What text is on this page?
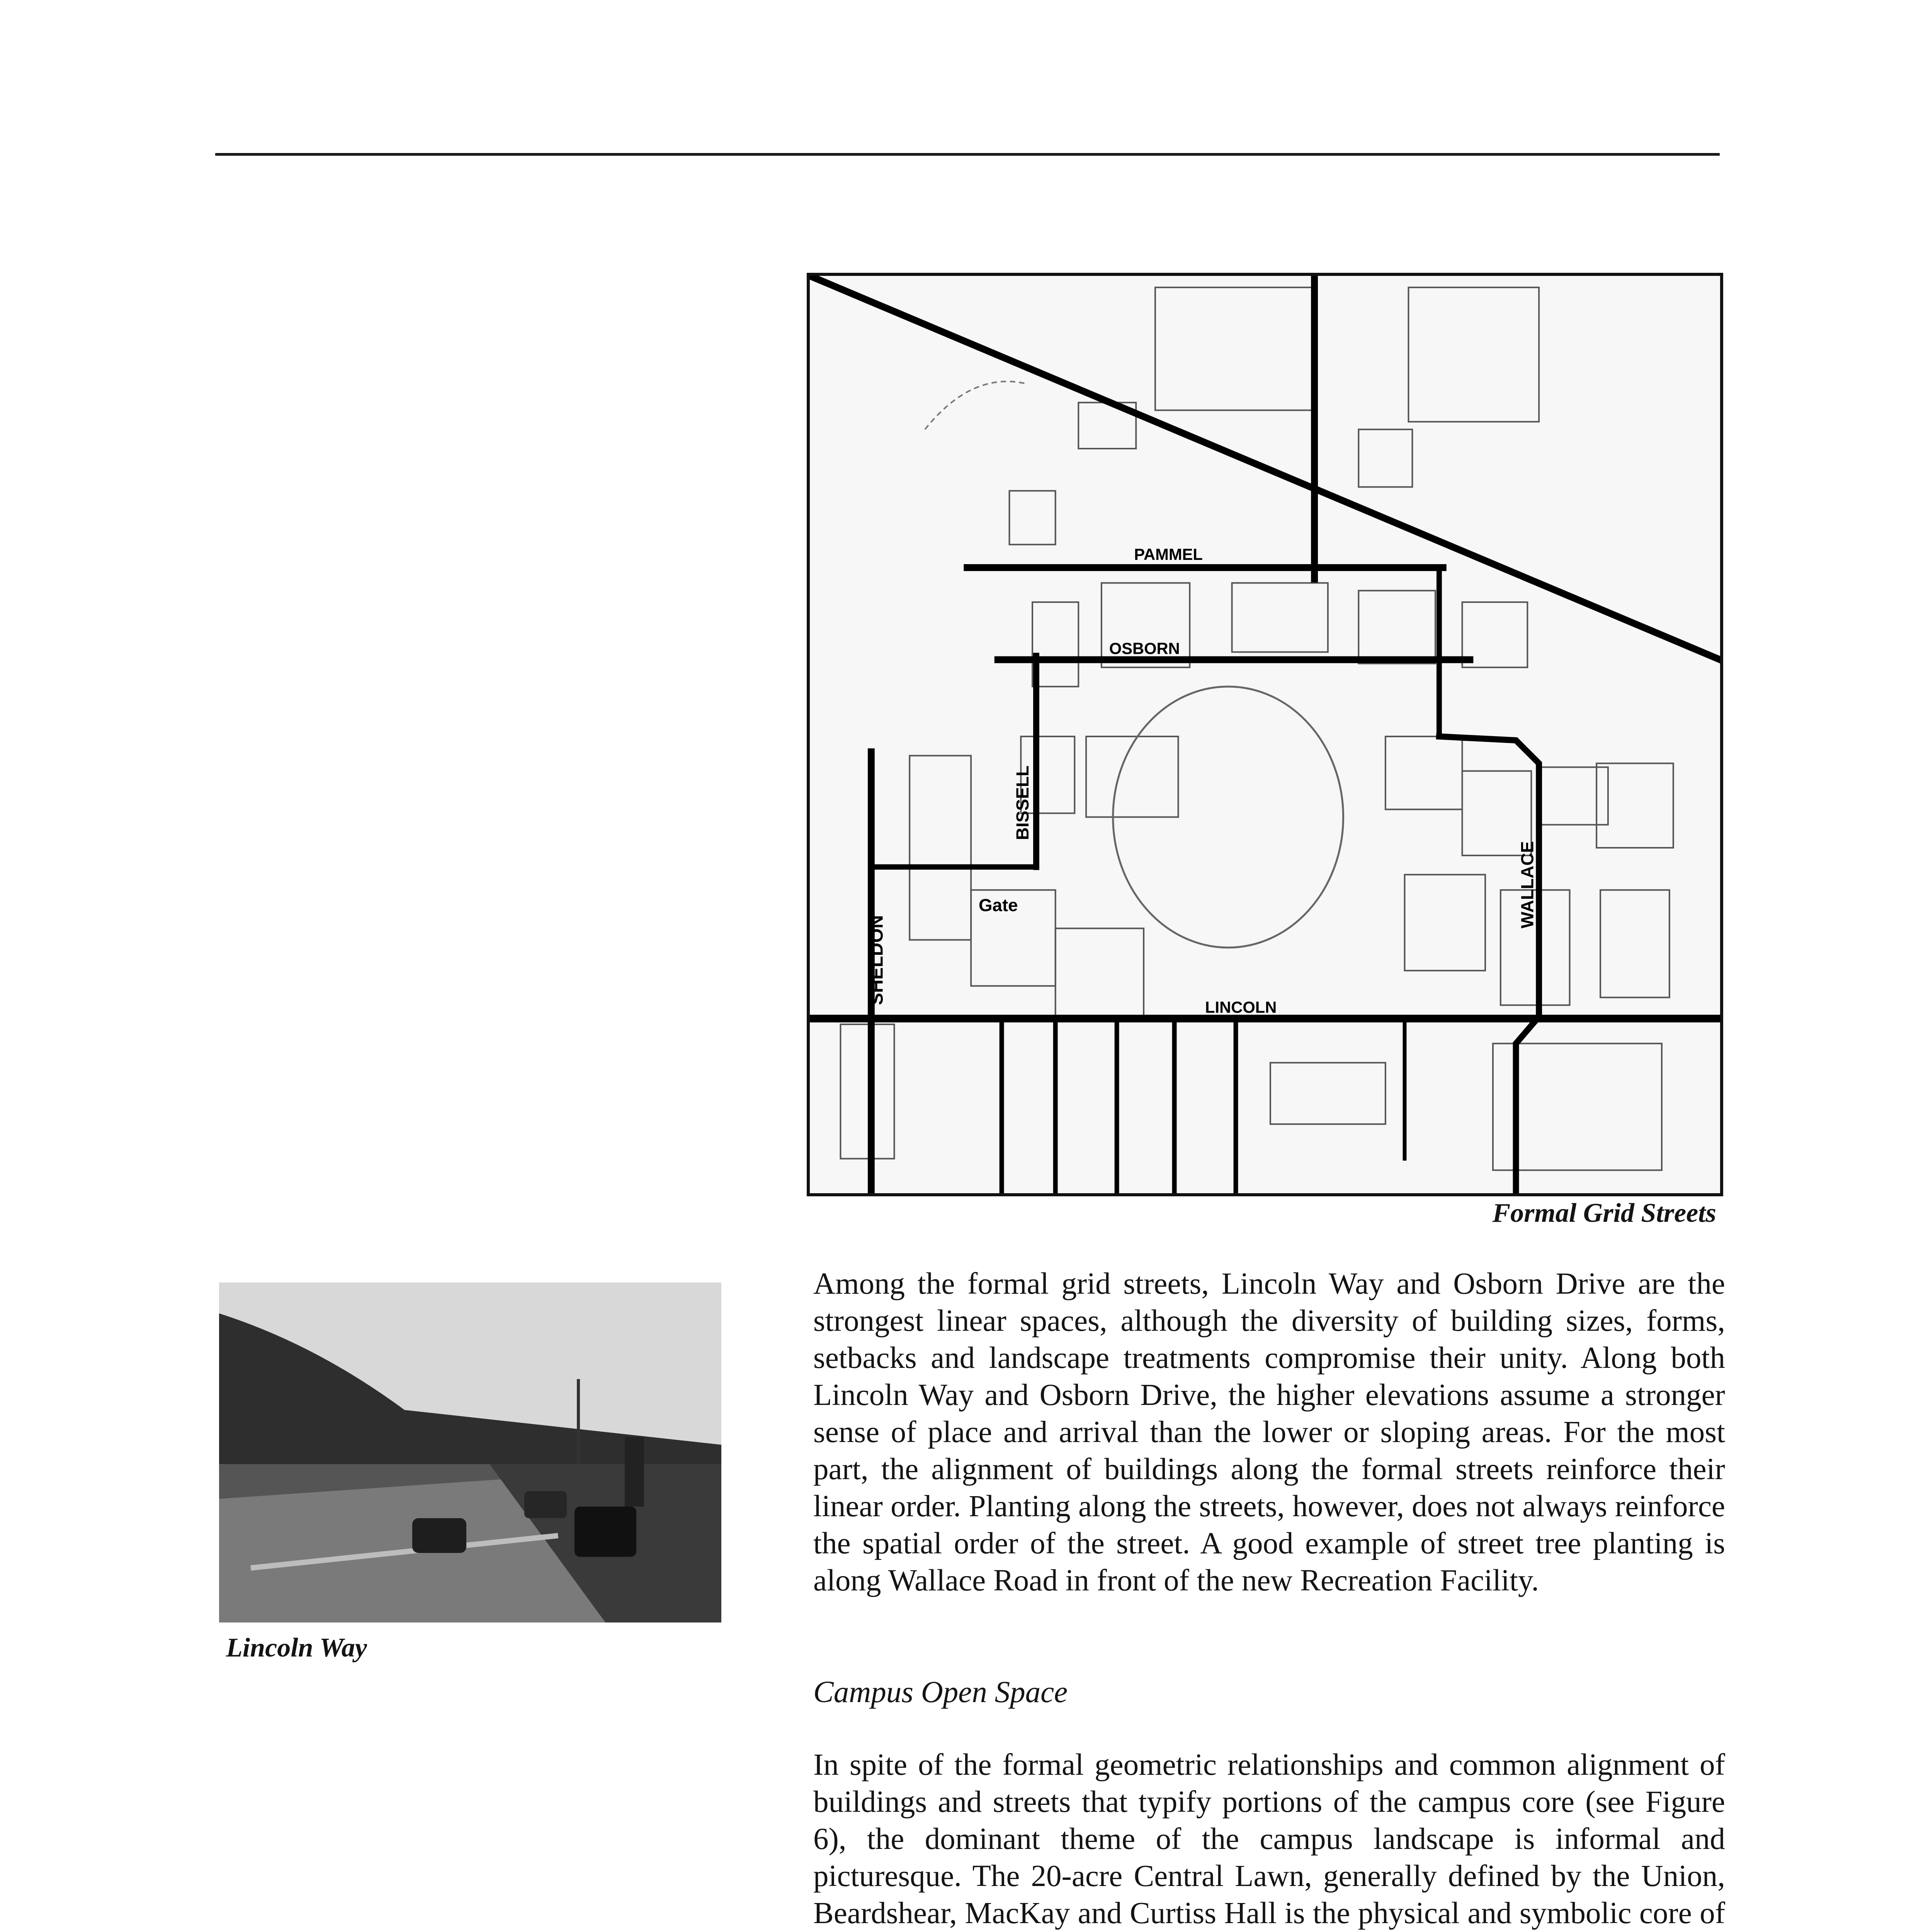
PAMMEL
OSBORN
BISSELL
Gate
SHELDON
LINCOLN
WALLACE

Formal Grid Streets

Lincoln Way

Among the formal grid streets, Lincoln Way and Osborn Drive are the strongest linear spaces, although the diversity of building sizes, forms, setbacks and landscape treatments compromise their unity. Along both Lincoln Way and Osborn Drive, the higher elevations assume a stronger sense of place and arrival than the lower or sloping areas. For the most part, the alignment of buildings along the formal streets reinforce their linear order. Planting along the streets, however, does not always reinforce the spatial order of the street. A good example of street tree planting is along Wallace Road in front of the new Recreation Facility.

Campus Open Space

In spite of the formal geometric relationships and common alignment of buildings and streets that typify portions of the campus core (see Figure 6), the dominant theme of the campus landscape is informal and picturesque. The 20-acre Central Lawn, generally defined by the Union, Beardshear, MacKay and Curtiss Hall is the physical and symbolic core of
